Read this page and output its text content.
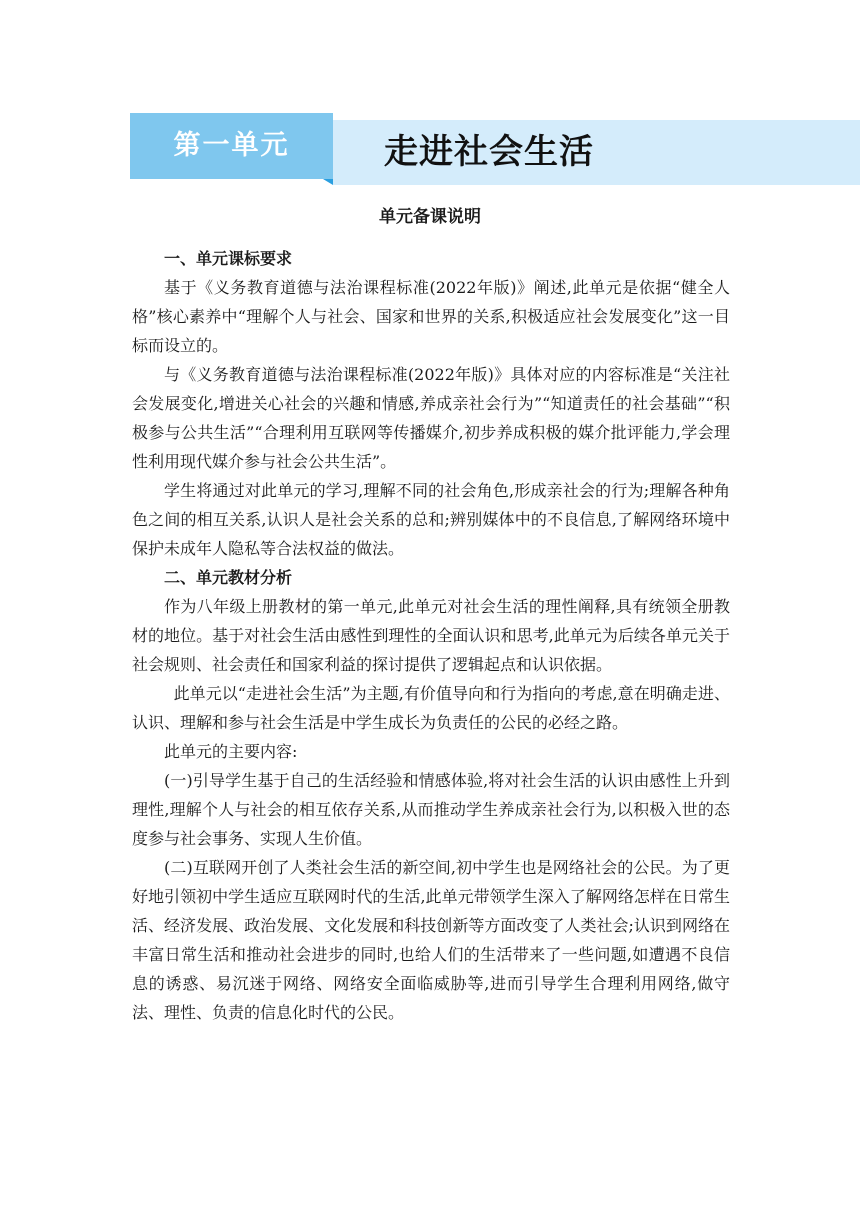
第一单元	走进社会生活
单元备课说明
一、单元课标要求

基于《义务教育道德与法治课程标准(2022年版)》阐述,此单元是依据“健全人格”核心素养中“理解个人与社会、国家和世界的关系,积极适应社会发展变化”这一目标而设立的。

与《义务教育道德与法治课程标准(2022年版)》具体对应的内容标准是“关注社会发展变化,增进关心社会的兴趣和情感,养成亲社会行为”“知道责任的社会基础”“积极参与公共生活”“合理利用互联网等传播媒介,初步养成积极的媒介批评能力,学会理性利用现代媒介参与社会公共生活”。

学生将通过对此单元的学习,理解不同的社会角色,形成亲社会的行为;理解各种角色之间的相互关系,认识人是社会关系的总和;辨别媒体中的不良信息,了解网络环境中保护未成年人隐私等合法权益的做法。

二、单元教材分析

作为八年级上册教材的第一单元,此单元对社会生活的理性阐释,具有统领全册教材的地位。基于对社会生活由感性到理性的全面认识和思考,此单元为后续各单元关于社会规则、社会责任和国家利益的探讨提供了逻辑起点和认识依据。

此单元以“走进社会生活”为主题,有价值导向和行为指向的考虑,意在明确走进、认识、理解和参与社会生活是中学生成长为负责任的公民的必经之路。

此单元的主要内容:

(一)引导学生基于自己的生活经验和情感体验,将对社会生活的认识由感性上升到理性,理解个人与社会的相互依存关系,从而推动学生养成亲社会行为,以积极入世的态度参与社会事务、实现人生价值。

(二)互联网开创了人类社会生活的新空间,初中学生也是网络社会的公民。为了更好地引领初中学生适应互联网时代的生活,此单元带领学生深入了解网络怎样在日常生活、经济发展、政治发展、文化发展和科技创新等方面改变了人类社会;认识到网络在丰富日常生活和推动社会进步的同时,也给人们的生活带来了一些问题,如遭遇不良信息的诱惑、易沉迷于网络、网络安全面临威胁等,进而引导学生合理利用网络,做守法、理性、负责的信息化时代的公民。
